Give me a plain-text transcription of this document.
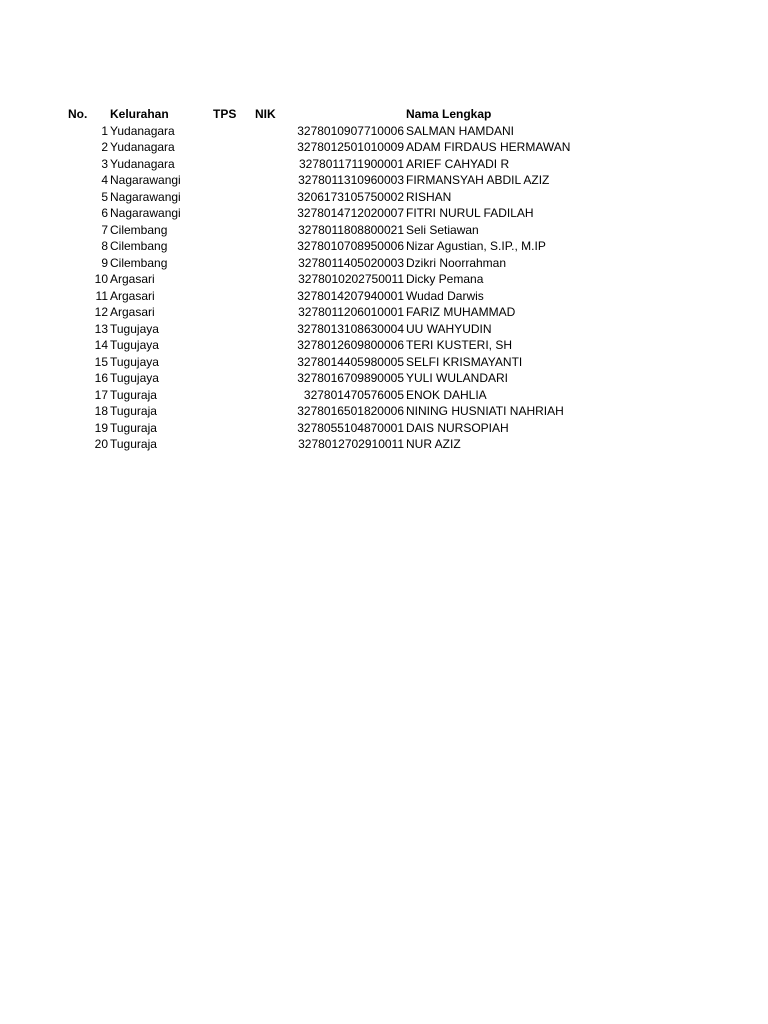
No. Kelurahan	TPS NIK	Nama Lengkap
1 Yudanagara	3278010907710006 SALMAN HAMDANI
2 Yudanagara	3278012501010009 ADAM FIRDAUS HERMAWAN
3 Yudanagara	3278011711900001 ARIEF CAHYADI R
4 Nagarawangi	3278011310960003 FIRMANSYAH ABDIL AZIZ
5 Nagarawangi	3206173105750002 RISHAN
6 Nagarawangi	3278014712020007 FITRI NURUL FADILAH
7 Cilembang	3278011808800021 Seli Setiawan
8 Cilembang	3278010708950006 Nizar Agustian, S.IP., M.IP
9 Cilembang	3278011405020003 Dzikri Noorrahman
10 Argasari	3278010202750011 Dicky Pemana
11 Argasari	3278014207940001 Wudad Darwis
12 Argasari	3278011206010001 FARIZ MUHAMMAD
13 Tugujaya	3278013108630004 UU WAHYUDIN
14 Tugujaya	3278012609800006 TERI KUSTERI, SH
15 Tugujaya	3278014405980005 SELFI KRISMAYANTI
16 Tugujaya	3278016709890005 YULI WULANDARI
17 Tuguraja	327801470576005 ENOK DAHLIA
18 Tuguraja	3278016501820006 NINING HUSNIATI NAHRIAH
19 Tuguraja	3278055104870001 DAIS NURSOPIAH
20 Tuguraja	3278012702910011 NUR AZIZ
